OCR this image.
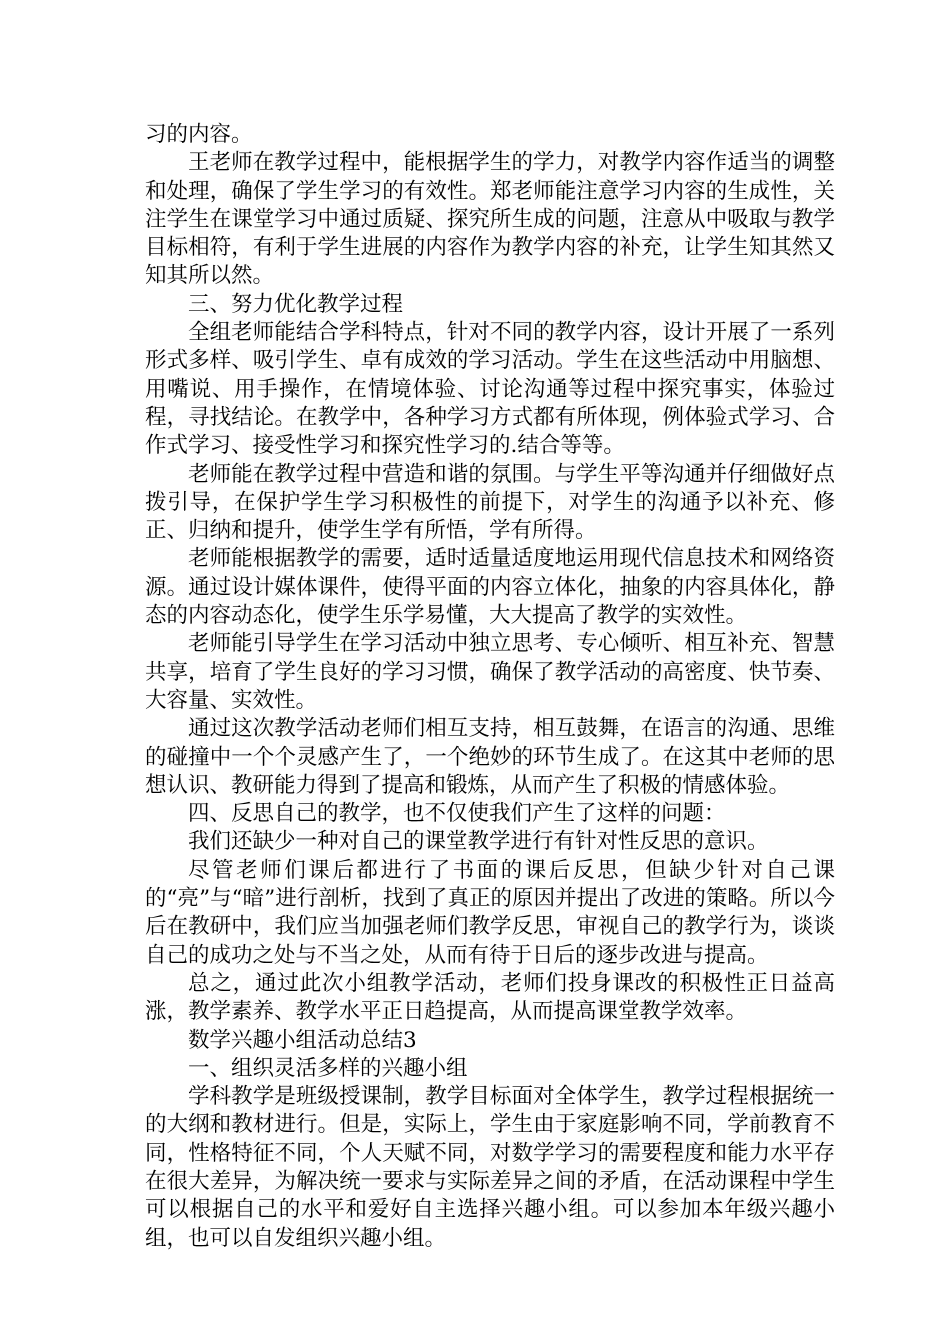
习的内容。

王老师在教学过程中，能根据学生的学力，对教学内容作适当的调整和处理，确保了学生学习的有效性。郑老师能注意学习内容的生成性，关注学生在课堂学习中通过质疑、探究所生成的问题，注意从中吸取与教学目标相符，有利于学生进展的内容作为教学内容的补充，让学生知其然又知其所以然。

三、努力优化教学过程

全组老师能结合学科特点，针对不同的教学内容，设计开展了一系列形式多样、吸引学生、卓有成效的学习活动。学生在这些活动中用脑想、用嘴说、用手操作，在情境体验、讨论沟通等过程中探究事实，体验过程，寻找结论。在教学中，各种学习方式都有所体现，例体验式学习、合作式学习、接受性学习和探究性学习的.结合等等。

老师能在教学过程中营造和谐的氛围。与学生平等沟通并仔细做好点拨引导，在保护学生学习积极性的前提下，对学生的沟通予以补充、修正、归纳和提升，使学生学有所悟，学有所得。

老师能根据教学的需要，适时适量适度地运用现代信息技术和网络资源。通过设计媒体课件，使得平面的内容立体化，抽象的内容具体化，静态的内容动态化，使学生乐学易懂，大大提高了教学的实效性。

老师能引导学生在学习活动中独立思考、专心倾听、相互补充、智慧共享，培育了学生良好的学习习惯，确保了教学活动的高密度、快节奏、大容量、实效性。

通过这次教学活动老师们相互支持，相互鼓舞，在语言的沟通、思维的碰撞中一个个灵感产生了，一个绝妙的环节生成了。在这其中老师的思想认识、教研能力得到了提高和锻炼，从而产生了积极的情感体验。

四、反思自己的教学，也不仅使我们产生了这样的问题：

我们还缺少一种对自己的课堂教学进行有针对性反思的意识。

尽管老师们课后都进行了书面的课后反思，但缺少针对自己课的“亮”与“暗”进行剖析，找到了真正的原因并提出了改进的策略。所以今后在教研中，我们应当加强老师们教学反思，审视自己的教学行为，谈谈自己的成功之处与不当之处，从而有待于日后的逐步改进与提高。

总之，通过此次小组教学活动，老师们投身课改的积极性正日益高涨，教学素养、教学水平正日趋提高，从而提高课堂教学效率。

数学兴趣小组活动总结3

一、组织灵活多样的兴趣小组

学科教学是班级授课制，教学目标面对全体学生，教学过程根据统一的大纲和教材进行。但是，实际上，学生由于家庭影响不同，学前教育不同，性格特征不同，个人天赋不同，对数学学习的需要程度和能力水平存在很大差异，为解决统一要求与实际差异之间的矛盾，在活动课程中学生可以根据自己的水平和爱好自主选择兴趣小组。可以参加本年级兴趣小组，也可以自发组织兴趣小组。
